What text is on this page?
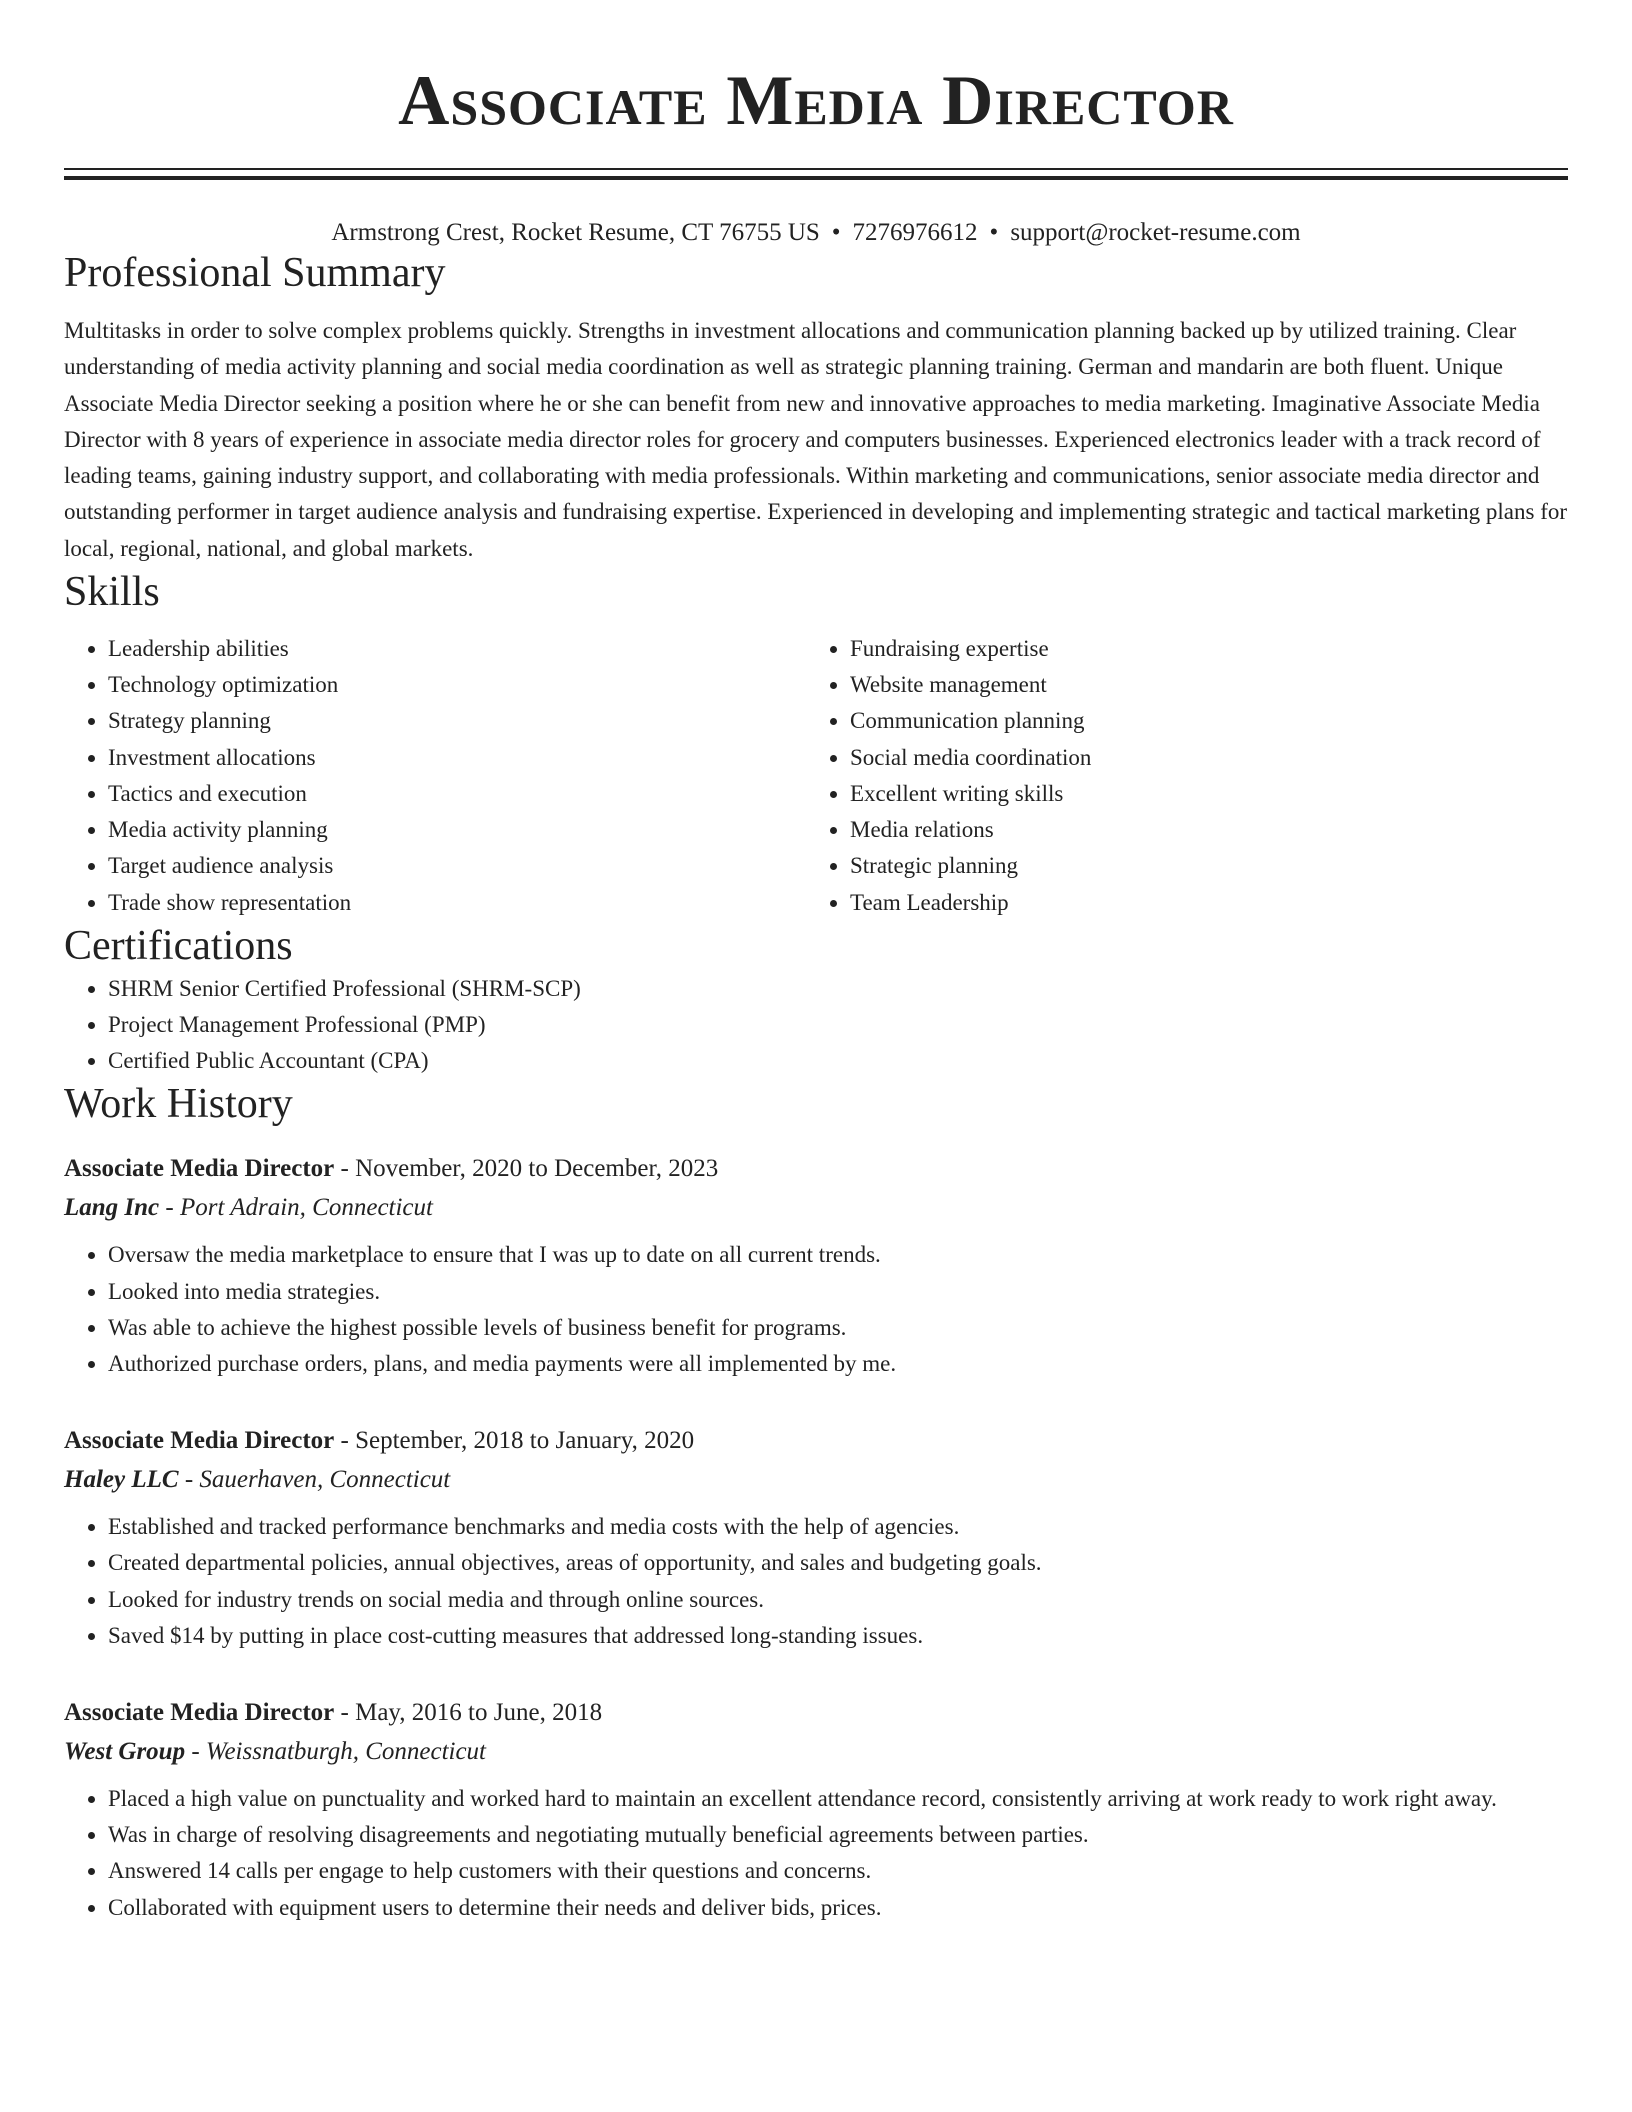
Associate Media Director
Armstrong Crest, Rocket Resume, CT 76755 US • 7276976612 • support@rocket-resume.com
Professional Summary

Multitasks in order to solve complex problems quickly. Strengths in investment allocations and communication planning backed up by utilized training. Clear understanding of media activity planning and social media coordination as well as strategic planning training. German and mandarin are both fluent. Unique Associate Media Director seeking a position where he or she can benefit from new and innovative approaches to media marketing. Imaginative Associate Media Director with 8 years of experience in associate media director roles for grocery and computers businesses. Experienced electronics leader with a track record of leading teams, gaining industry support, and collaborating with media professionals. Within marketing and communications, senior associate media director and outstanding performer in target audience analysis and fundraising expertise. Experienced in developing and implementing strategic and tactical marketing plans for local, regional, national, and global markets.

Skills
• Leadership abilities
• Technology optimization
• Strategy planning
• Investment allocations
• Tactics and execution
• Media activity planning
• Target audience analysis
• Trade show representation
• Fundraising expertise
• Website management
• Communication planning
• Social media coordination
• Excellent writing skills
• Media relations
• Strategic planning
• Team Leadership
Certifications
• SHRM Senior Certified Professional (SHRM-SCP)
• Project Management Professional (PMP)
• Certified Public Accountant (CPA)
Work History
Associate Media Director - November, 2020 to December, 2023
Lang Inc - Port Adrain, Connecticut
• Oversaw the media marketplace to ensure that I was up to date on all current trends.
• Looked into media strategies.
• Was able to achieve the highest possible levels of business benefit for programs.
• Authorized purchase orders, plans, and media payments were all implemented by me.
Associate Media Director - September, 2018 to January, 2020
Haley LLC - Sauerhaven, Connecticut
• Established and tracked performance benchmarks and media costs with the help of agencies.
• Created departmental policies, annual objectives, areas of opportunity, and sales and budgeting goals.
• Looked for industry trends on social media and through online sources.
• Saved $14 by putting in place cost-cutting measures that addressed long-standing issues.
Associate Media Director - May, 2016 to June, 2018
West Group - Weissnatburgh, Connecticut
• Placed a high value on punctuality and worked hard to maintain an excellent attendance record, consistently arriving at work ready to work right away.
• Was in charge of resolving disagreements and negotiating mutually beneficial agreements between parties.
• Answered 14 calls per engage to help customers with their questions and concerns.
• Collaborated with equipment users to determine their needs and deliver bids, prices.
